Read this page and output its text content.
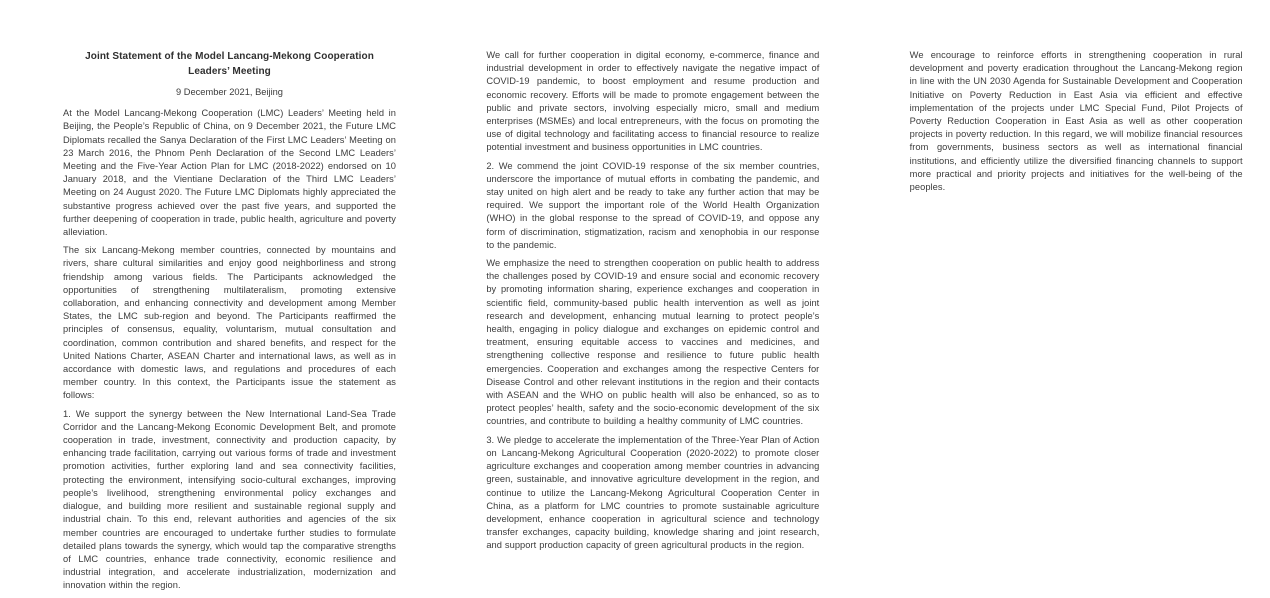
Joint Statement of the Model Lancang-Mekong Cooperation Leaders’ Meeting
9 December 2021, Beijing

At the Model Lancang-Mekong Cooperation (LMC) Leaders’ Meeting held in Beijing, the People’s Republic of China, on 9 December 2021, the Future LMC Diplomats recalled the Sanya Declaration of the First LMC Leaders’ Meeting on 23 March 2016, the Phnom Penh Declaration of the Second LMC Leaders’ Meeting and the Five-Year Action Plan for LMC (2018-2022) endorsed on 10 January 2018, and the Vientiane Declaration of the Third LMC Leaders’ Meeting on 24 August 2020. The Future LMC Diplomats highly appreciated the substantive progress achieved over the past five years, and supported the further deepening of cooperation in trade, public health, agriculture and poverty alleviation.

The six Lancang-Mekong member countries, connected by mountains and rivers, share cultural similarities and enjoy good neighborliness and strong friendship among various fields. The Participants acknowledged the opportunities of strengthening multilateralism, promoting extensive collaboration, and enhancing connectivity and development among Member States, the LMC sub-region and beyond. The Participants reaffirmed the principles of consensus, equality, voluntarism, mutual consultation and coordination, common contribution and shared benefits, and respect for the United Nations Charter, ASEAN Charter and international laws, as well as in accordance with domestic laws, and regulations and procedures of each member country. In this context, the Participants issue the statement as follows:

1. We support the synergy between the New International Land-Sea Trade Corridor and the Lancang-Mekong Economic Development Belt, and promote cooperation in trade, investment, connectivity and production capacity, by enhancing trade facilitation, carrying out various forms of trade and investment promotion activities, further exploring land and sea connectivity facilities, protecting the environment, intensifying socio-cultural exchanges, improving people’s livelihood, strengthening environmental policy exchanges and dialogue, and building more resilient and sustainable regional supply and industrial chain. To this end, relevant authorities and agencies of the six member countries are encouraged to undertake further studies to formulate detailed plans towards the synergy, which would tap the comparative strengths of LMC countries, enhance trade connectivity, economic resilience and industrial integration, and accelerate industrialization, modernization and innovation within the region.

We call for further cooperation in digital economy, e-commerce, finance and industrial development in order to effectively navigate the negative impact of COVID-19 pandemic, to boost employment and resume production and economic recovery. Efforts will be made to promote engagement between the public and private sectors, involving especially micro, small and medium enterprises (MSMEs) and local entrepreneurs, with the focus on promoting the use of digital technology and facilitating access to financial resource to realize potential investment and business opportunities in LMC countries.

2. We commend the joint COVID-19 response of the six member countries, underscore the importance of mutual efforts in combating the pandemic, and stay united on high alert and be ready to take any further action that may be required. We support the important role of the World Health Organization (WHO) in the global response to the spread of COVID-19, and oppose any form of discrimination, stigmatization, racism and xenophobia in our response to the pandemic.

We emphasize the need to strengthen cooperation on public health to address the challenges posed by COVID-19 and ensure social and economic recovery by promoting information sharing, experience exchanges and cooperation in scientific field, community-based public health intervention as well as joint research and development, enhancing mutual learning to protect people’s health, engaging in policy dialogue and exchanges on epidemic control and treatment, ensuring equitable access to vaccines and medicines, and strengthening collective response and resilience to future public health emergencies. Cooperation and exchanges among the respective Centers for Disease Control and other relevant institutions in the region and their contacts with ASEAN and the WHO on public health will also be enhanced, so as to protect peoples’ health, safety and the socio-economic development of the six countries, and contribute to building a healthy community of LMC countries.

3. We pledge to accelerate the implementation of the Three-Year Plan of Action on Lancang-Mekong Agricultural Cooperation (2020-2022) to promote closer agriculture exchanges and cooperation among member countries in advancing green, sustainable, and innovative agriculture development in the region, and continue to utilize the Lancang-Mekong Agricultural Cooperation Center in China, as a platform for LMC countries to promote sustainable agriculture development, enhance cooperation in agricultural science and technology transfer exchanges, capacity building, knowledge sharing and joint research, and support production capacity of green agricultural products in the region.

We encourage to reinforce efforts in strengthening cooperation in rural development and poverty eradication throughout the Lancang-Mekong region in line with the UN 2030 Agenda for Sustainable Development and Cooperation Initiative on Poverty Reduction in East Asia via efficient and effective implementation of the projects under LMC Special Fund, Pilot Projects of Poverty Reduction Cooperation in East Asia as well as other cooperation projects in poverty reduction. In this regard, we will mobilize financial resources from governments, business sectors as well as international financial institutions, and efficiently utilize the diversified financing channels to support more practical and priority projects and initiatives for the well-being of the peoples.
